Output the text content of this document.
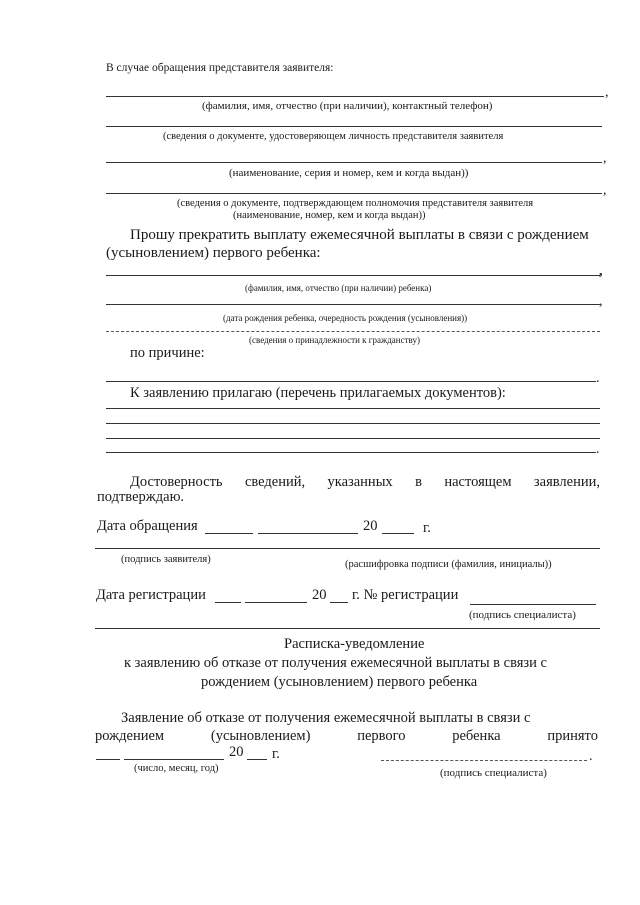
В случае обращения представителя заявителя:
,
(фамилия, имя, отчество (при наличии), контактный телефон)
(сведения о документе, удостоверяющем личность представителя заявителя
,
(наименование, серия и номер, кем и когда выдан))
,
(сведения о документе, подтверждающем полномочия представителя заявителя
(наименование, номер, кем и когда выдан))
Прошу прекратить выплату ежемесячной выплаты в связи с рождением
(усыновлением) первого ребенка:
,
(фамилия, имя, отчество (при наличии) ребенка)
,
(дата рождения ребенка, очередность рождения (усыновления))
(сведения о принадлежности к гражданству)
по причине:
.
К заявлению прилагаю (перечень прилагаемых документов):
.
Достоверность сведений, указанных в настоящем заявлении,
подтверждаю.
Дата обращения	20	г.
(подпись заявителя)	(расшифровка подписи (фамилия, инициалы))
Дата регистрации	20 г. № регистрации
(подпись специалиста)
Расписка-уведомление
к заявлению об отказе от получения ежемесячной выплаты в связи с
рождением (усыновлением) первого ребенка
Заявление об отказе от получения ежемесячной выплаты в связи с
рождением	(усыновлением)	первого	ребенка	принято
20 г.
(число, месяц, год)
.
(подпись специалиста)
